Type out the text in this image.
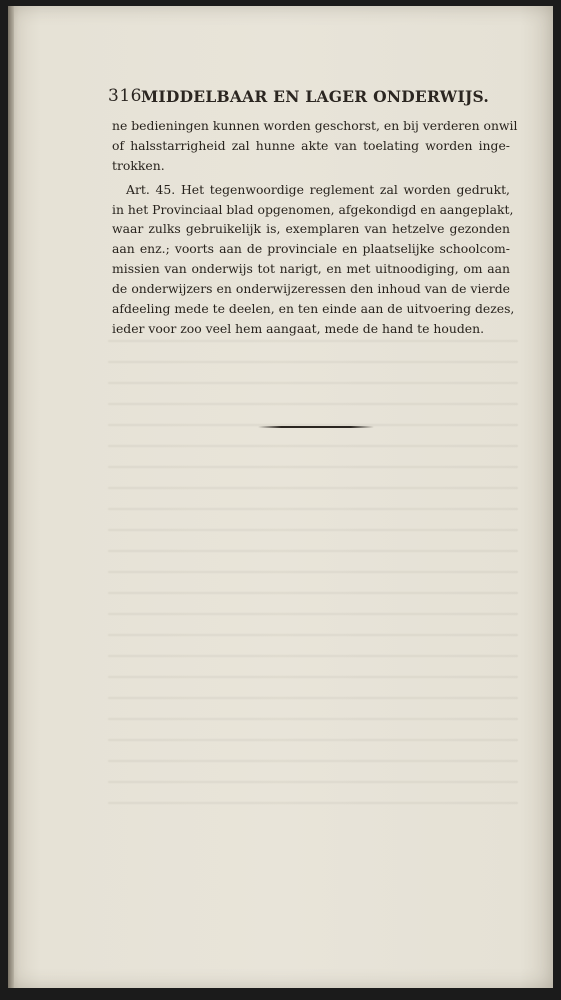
316 MIDDELBAAR EN LAGER ONDERWIJS.
ne bedieningen kunnen worden geschorst, en bij verderen onwil
of halsstarrigheid zal hunne akte van toelating worden inge-
trokken.
Art. 45. Het tegenwoordige reglement zal worden gedrukt,
in het Provinciaal blad opgenomen, afgekondigd en aangeplakt,
waar zulks gebruikelijk is, exemplaren van hetzelve gezonden
aan enz.; voorts aan de provinciale en plaatselijke schoolcom-
missien van onderwijs tot narigt, en met uitnoodiging, om aan
de onderwijzers en onderwijzeressen den inhoud van de vierde
afdeeling mede te deelen, en ten einde aan de uitvoering dezes,
ieder voor zoo veel hem aangaat, mede de hand te houden.
